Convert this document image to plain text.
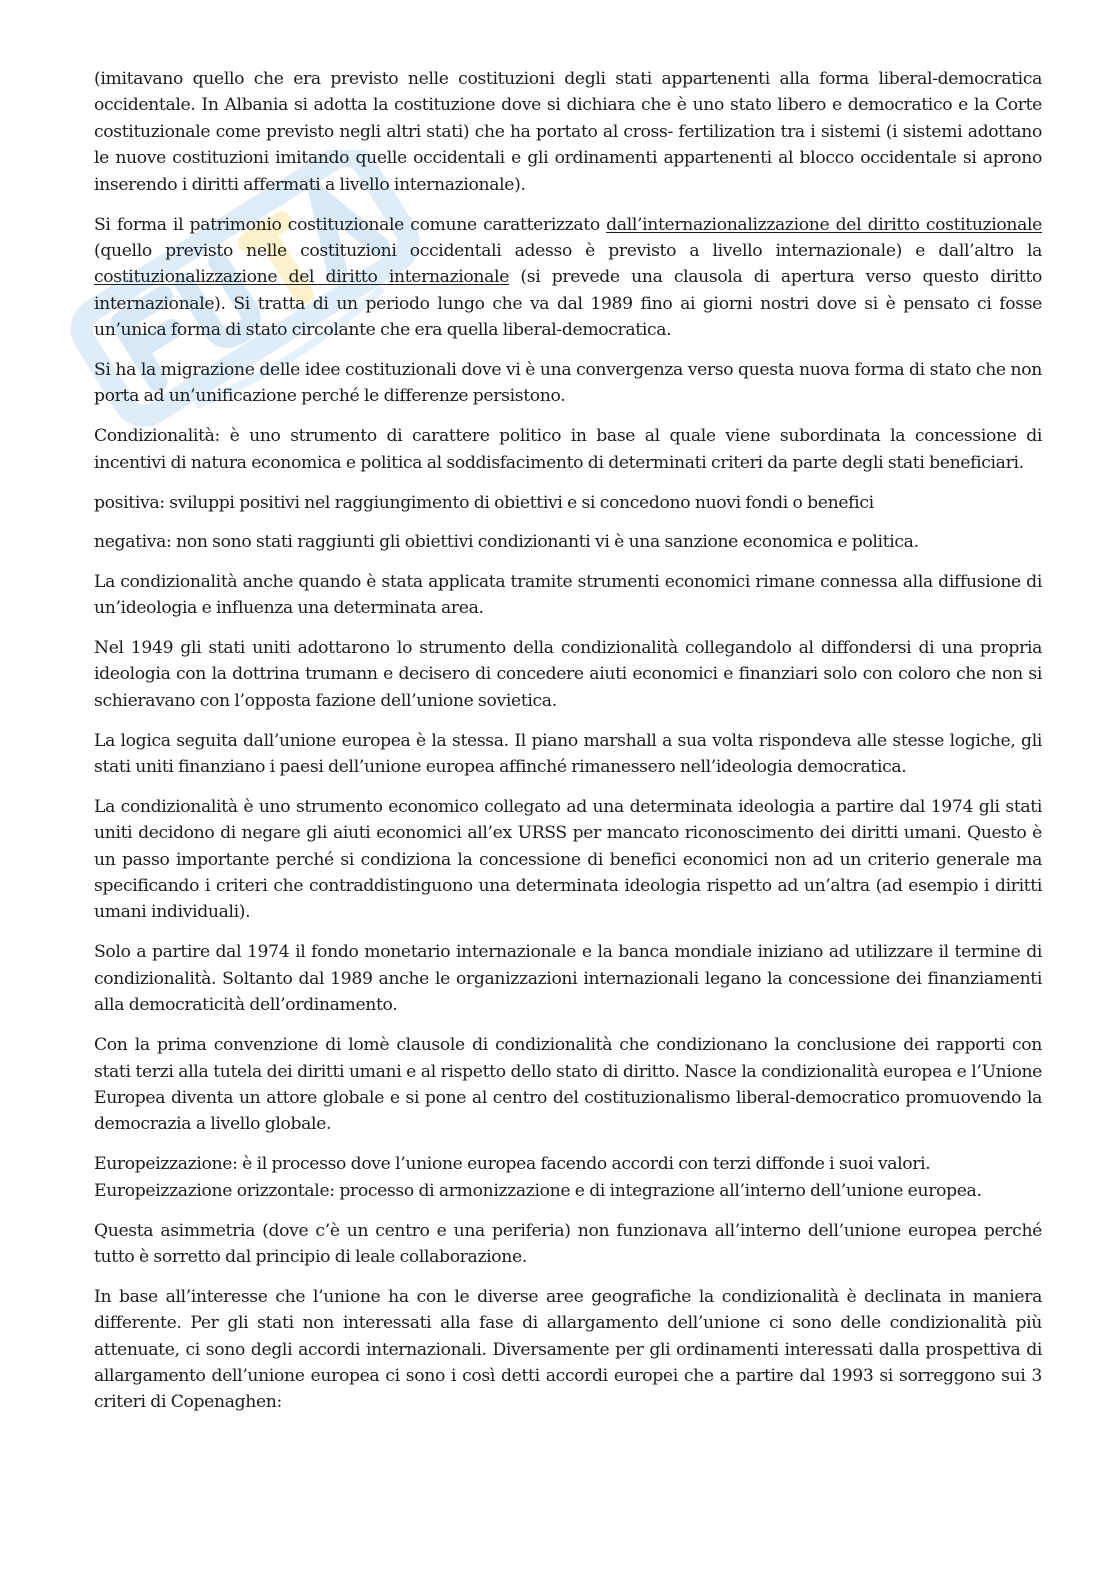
(imitavano quello che era previsto nelle costituzioni degli stati appartenenti alla forma liberal-democratica occidentale. In Albania si adotta la costituzione dove si dichiara che è uno stato libero e democratico e la Corte costituzionale come previsto negli altri stati) che ha portato al cross- fertilization tra i sistemi (i sistemi adottano le nuove costituzioni imitando quelle occidentali e gli ordinamenti appartenenti al blocco occidentale si aprono inserendo i diritti affermati a livello internazionale).

Si forma il patrimonio costituzionale comune caratterizzato dall’internazionalizzazione del diritto costituzionale (quello previsto nelle costituzioni occidentali adesso è previsto a livello internazionale) e dall’altro la costituzionalizzazione del diritto internazionale (si prevede una clausola di apertura verso questo diritto internazionale). Si tratta di un periodo lungo che va dal 1989 fino ai giorni nostri dove si è pensato ci fosse un’unica forma di stato circolante che era quella liberal-democratica.

Si ha la migrazione delle idee costituzionali dove vi è una convergenza verso questa nuova forma di stato che non porta ad un’unificazione perché le differenze persistono.

Condizionalità: è uno strumento di carattere politico in base al quale viene subordinata la concessione di incentivi di natura economica e politica al soddisfacimento di determinati criteri da parte degli stati beneficiari.

positiva: sviluppi positivi nel raggiungimento di obiettivi e si concedono nuovi fondi o benefici

negativa: non sono stati raggiunti gli obiettivi condizionanti vi è una sanzione economica e politica.

La condizionalità anche quando è stata applicata tramite strumenti economici rimane connessa alla diffusione di un’ideologia e influenza una determinata area.

Nel 1949 gli stati uniti adottarono lo strumento della condizionalità collegandolo al diffondersi di una propria ideologia con la dottrina trumann e decisero di concedere aiuti economici e finanziari solo con coloro che non si schieravano con l’opposta fazione dell’unione sovietica.

La logica seguita dall’unione europea è la stessa. Il piano marshall a sua volta rispondeva alle stesse logiche, gli stati uniti finanziano i paesi dell’unione europea affinché rimanessero nell’ideologia democratica.

La condizionalità è uno strumento economico collegato ad una determinata ideologia a partire dal 1974 gli stati uniti decidono di negare gli aiuti economici all’ex URSS per mancato riconoscimento dei diritti umani. Questo è un passo importante perché si condiziona la concessione di benefici economici non ad un criterio generale ma specificando i criteri che contraddistinguono una determinata ideologia rispetto ad un’altra (ad esempio i diritti umani individuali).

Solo a partire dal 1974 il fondo monetario internazionale e la banca mondiale iniziano ad utilizzare il termine di condizionalità. Soltanto dal 1989 anche le organizzazioni internazionali legano la concessione dei finanziamenti alla democraticità dell’ordinamento.

Con la prima convenzione di lomè clausole di condizionalità che condizionano la conclusione dei rapporti con stati terzi alla tutela dei diritti umani e al rispetto dello stato di diritto. Nasce la condizionalità europea e l’Unione Europea diventa un attore globale e si pone al centro del costituzionalismo liberal-democratico promuovendo la democrazia a livello globale.

Europeizzazione: è il processo dove l’unione europea facendo accordi con terzi diffonde i suoi valori.
Europeizzazione orizzontale: processo di armonizzazione e di integrazione all’interno dell’unione europea.

Questa asimmetria (dove c’è un centro e una periferia) non funzionava all’interno dell’unione europea perché tutto è sorretto dal principio di leale collaborazione.

In base all’interesse che l’unione ha con le diverse aree geografiche la condizionalità è declinata in maniera differente. Per gli stati non interessati alla fase di allargamento dell’unione ci sono delle condizionalità più attenuate, ci sono degli accordi internazionali. Diversamente per gli ordinamenti interessati dalla prospettiva di allargamento dell’unione europea ci sono i così detti accordi europei che a partire dal 1993 si sorreggono sui 3 criteri di Copenaghen:
